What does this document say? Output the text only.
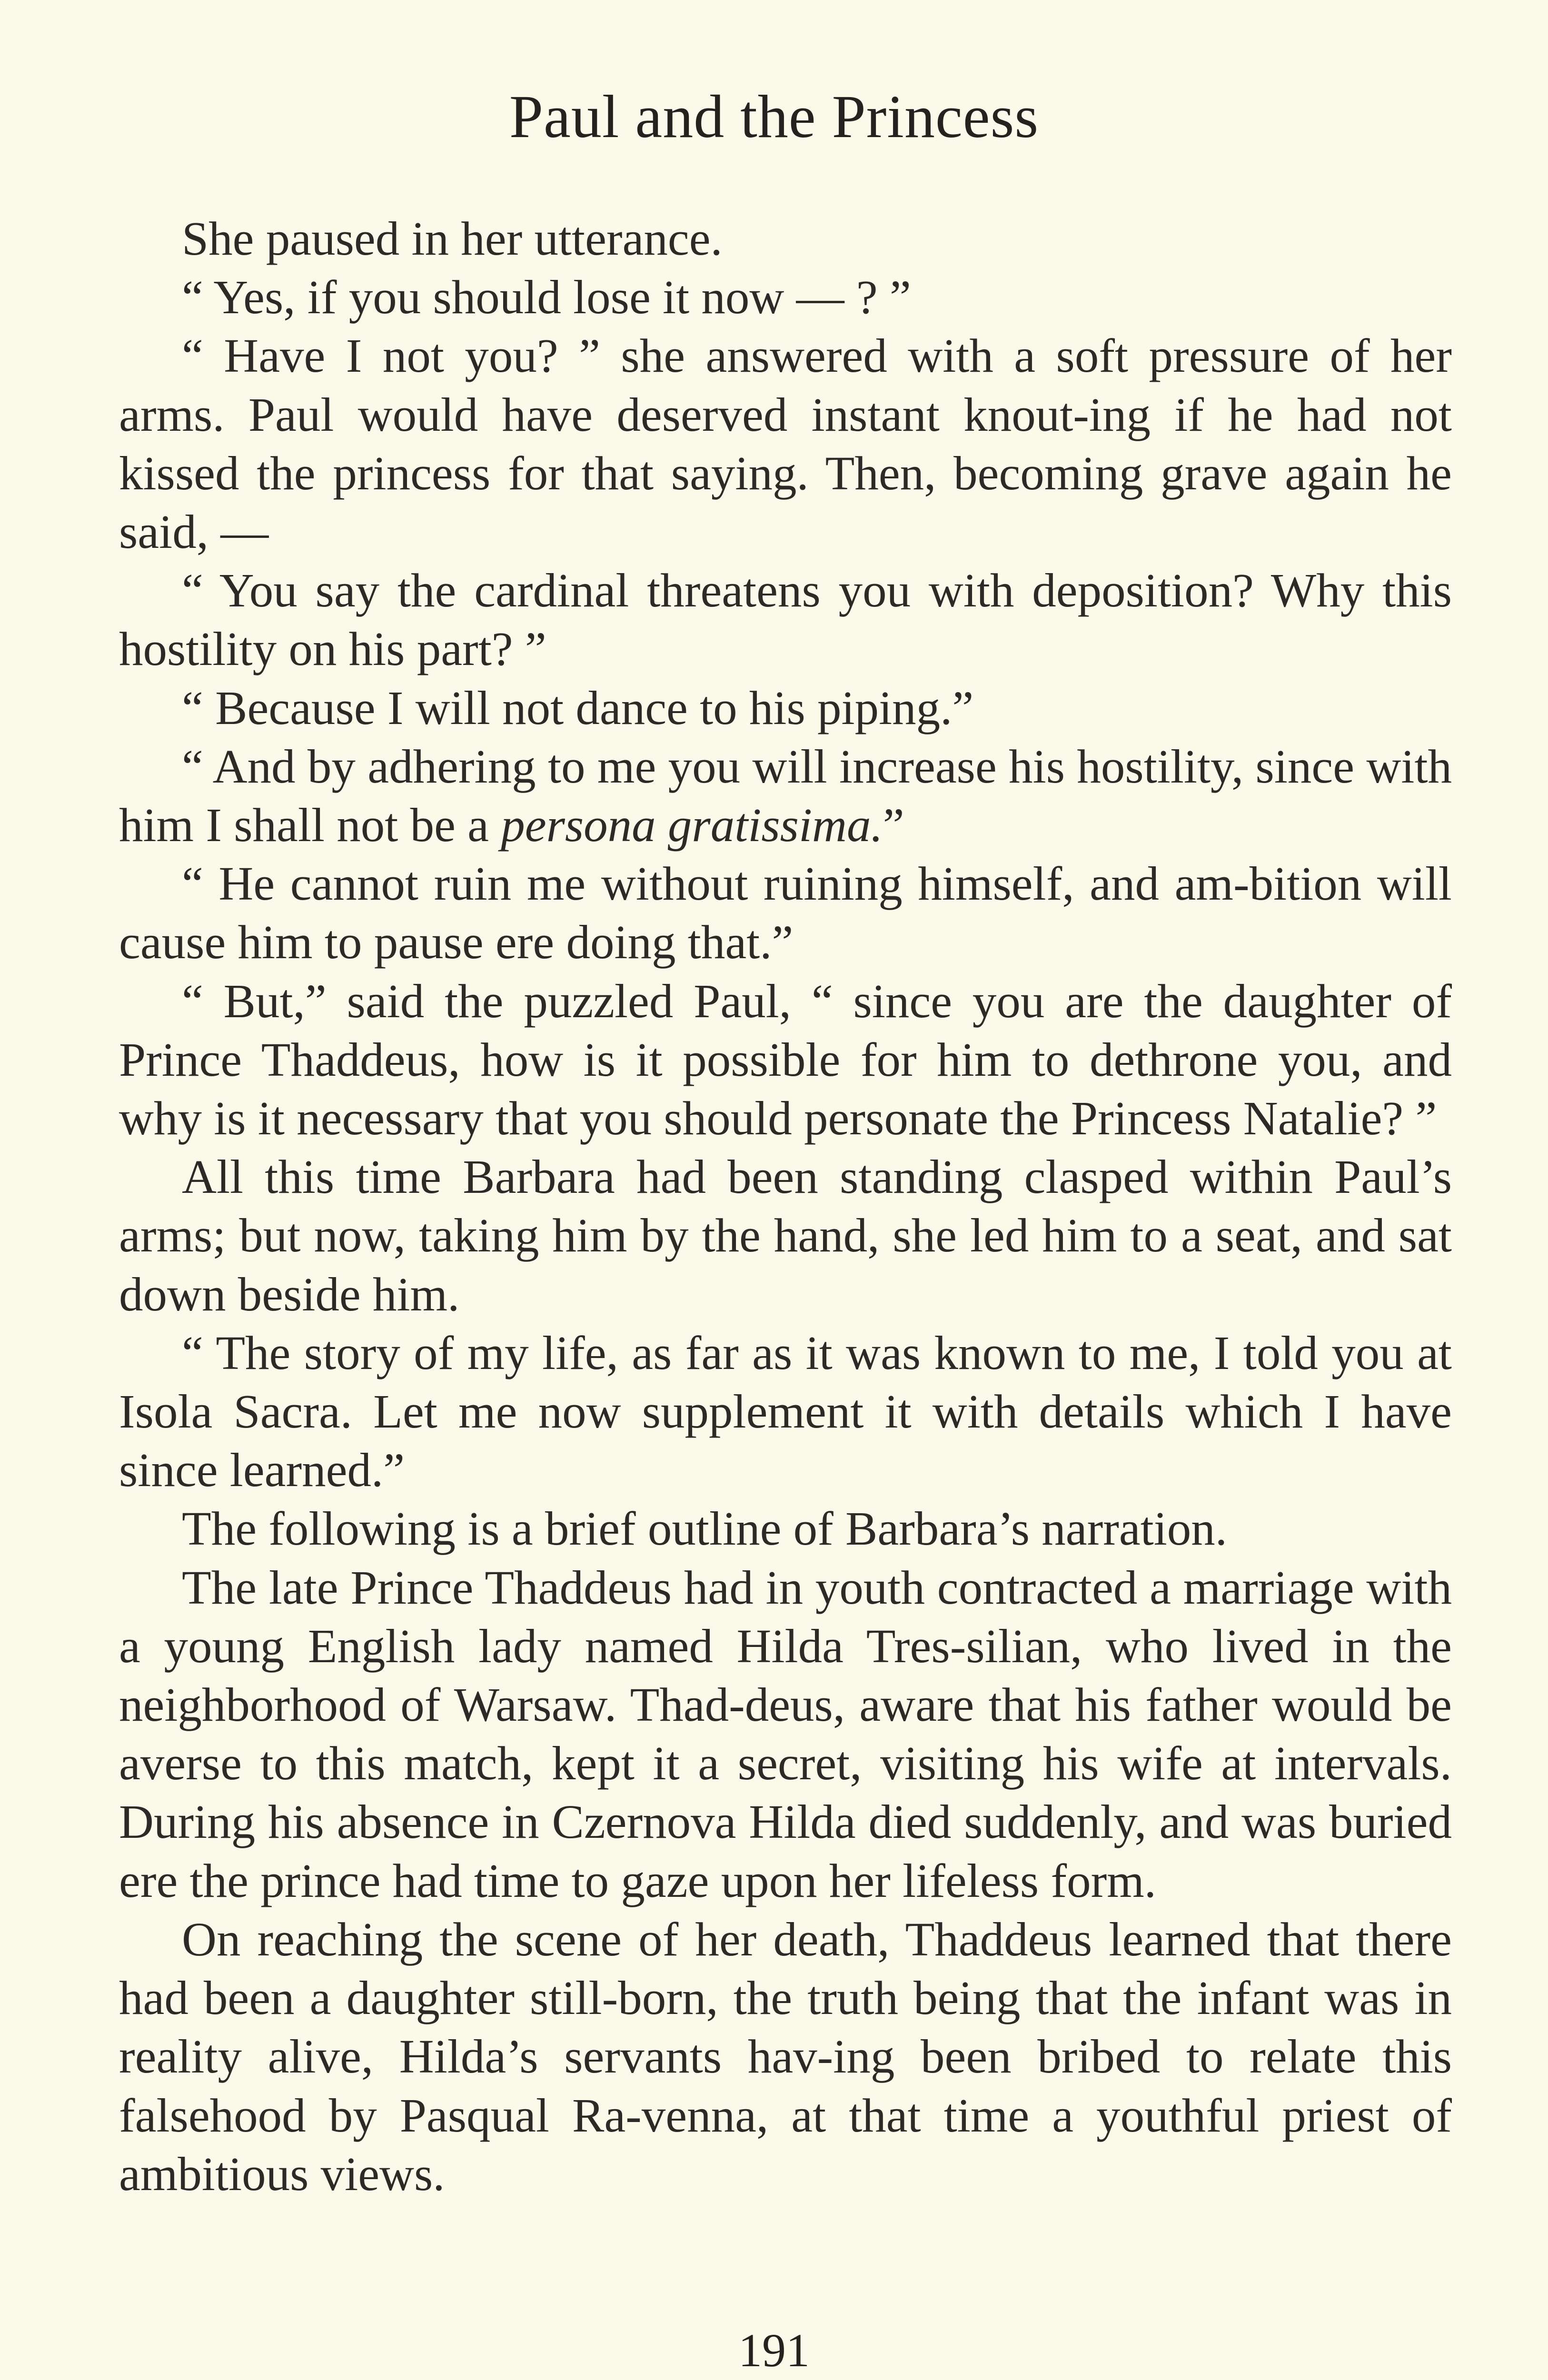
Paul and the Princess

She paused in her utterance.

“ Yes, if you should lose it now — ? ”

“ Have I not you? ” she answered with a soft pressure of her arms. Paul would have deserved instant knout-ing if he had not kissed the princess for that saying. Then, becoming grave again he said, —

“ You say the cardinal threatens you with deposition? Why this hostility on his part? ”

“ Because I will not dance to his piping.”

“ And by adhering to me you will increase his hostility, since with him I shall not be a persona gratissima.”

“ He cannot ruin me without ruining himself, and am-bition will cause him to pause ere doing that.”

“ But,” said the puzzled Paul, “ since you are the daughter of Prince Thaddeus, how is it possible for him to dethrone you, and why is it necessary that you should personate the Princess Natalie? ”

All this time Barbara had been standing clasped within Paul’s arms; but now, taking him by the hand, she led him to a seat, and sat down beside him.

“ The story of my life, as far as it was known to me, I told you at Isola Sacra. Let me now supplement it with details which I have since learned.”

The following is a brief outline of Barbara’s narration.

The late Prince Thaddeus had in youth contracted a marriage with a young English lady named Hilda Tres-silian, who lived in the neighborhood of Warsaw. Thad-deus, aware that his father would be averse to this match, kept it a secret, visiting his wife at intervals. During his absence in Czernova Hilda died suddenly, and was buried ere the prince had time to gaze upon her lifeless form.

On reaching the scene of her death, Thaddeus learned that there had been a daughter still-born, the truth being that the infant was in reality alive, Hilda’s servants hav-ing been bribed to relate this falsehood by Pasqual Ra-venna, at that time a youthful priest of ambitious views.

191
